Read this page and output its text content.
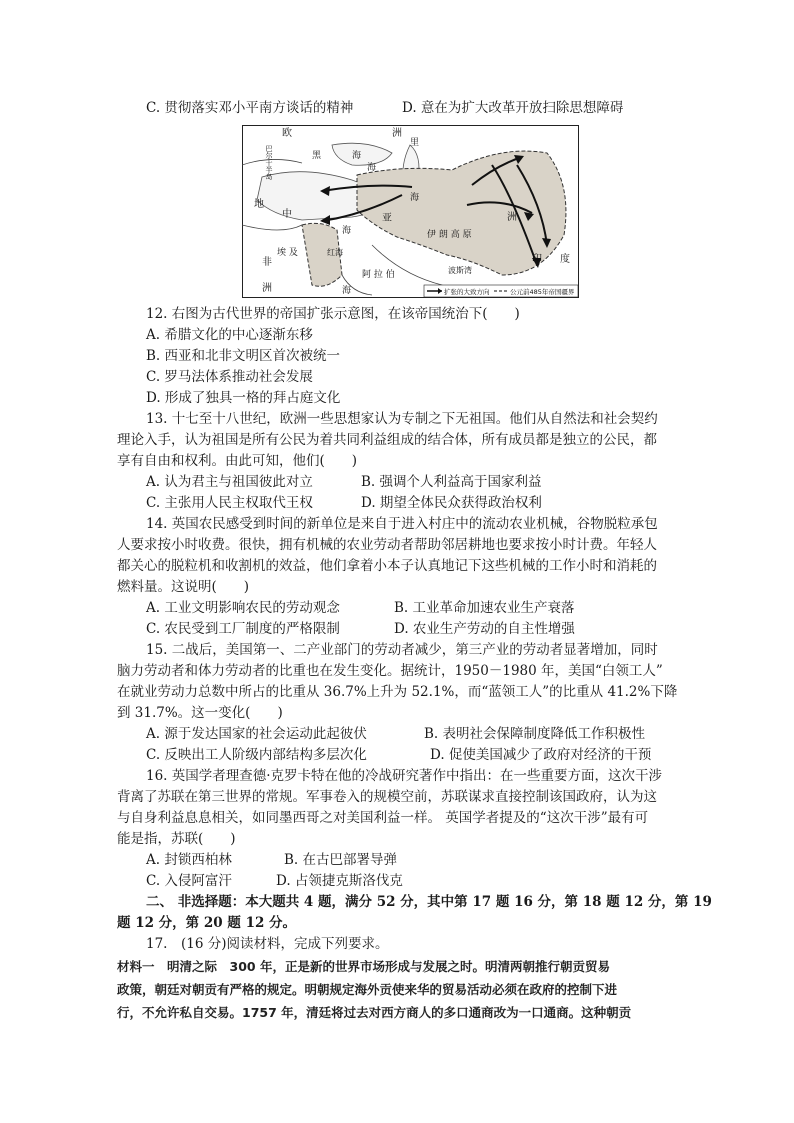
C. 贯彻落实邓小平南方谈话的精神	D. 意在为扩大改革开放扫除思想障碍
欧	洲
黑	海
里
海
海
地
中
海
亚
伊 朗 高 原
洲
埃 及
非
洲
阿 拉 伯	波斯湾
印 度
海
红海
巴尔干半岛
扩张的大致方向	公元前485年帝国疆界
12. 右图为古代世界的帝国扩张示意图，在该帝国统治下(　　)
A. 希腊文化的中心逐渐东移
B. 西亚和北非文明区首次被统一
C. 罗马法体系推动社会发展
D. 形成了独具一格的拜占庭文化
13. 十七至十八世纪，欧洲一些思想家认为专制之下无祖国。他们从自然法和社会契约
理论入手，认为祖国是所有公民为着共同利益组成的结合体，所有成员都是独立的公民，都
享有自由和权利。由此可知，他们(　　)
A. 认为君主与祖国彼此对立	B. 强调个人利益高于国家利益
C. 主张用人民主权取代王权	D. 期望全体民众获得政治权利
14. 英国农民感受到时间的新单位是来自于进入村庄中的流动农业机械，谷物脱粒承包
人要求按小时收费。很快，拥有机械的农业劳动者帮助邻居耕地也要求按小时计费。年轻人
都关心的脱粒机和收割机的效益，他们拿着小本子认真地记下这些机械的工作小时和消耗的
燃料量。这说明(　　)
A. 工业文明影响农民的劳动观念	B. 工业革命加速农业生产衰落
C. 农民受到工厂制度的严格限制	D. 农业生产劳动的自主性增强
15. 二战后，美国第一、二产业部门的劳动者减少，第三产业的劳动者显著增加，同时
脑力劳动者和体力劳动者的比重也在发生变化。据统计，1950－1980 年，美国“白领工人”
在就业劳动力总数中所占的比重从 36.7%上升为 52.1%，而“蓝领工人”的比重从 41.2%下降
到 31.7%。这一变化(　　)
A. 源于发达国家的社会运动此起彼伏	B. 表明社会保障制度降低工作积极性
C. 反映出工人阶级内部结构多层次化	D. 促使美国减少了政府对经济的干预
16. 英国学者理查德·克罗卡特在他的冷战研究著作中指出：在一些重要方面，这次干涉
背离了苏联在第三世界的常规。军事卷入的规模空前，苏联谋求直接控制该国政府，认为这
与自身利益息息相关，如同墨西哥之对美国利益一样。 英国学者提及的“这次干涉”最有可
能是指，苏联(　　)
A. 封锁西柏林	B. 在古巴部署导弹
C. 入侵阿富汗	D. 占领捷克斯洛伐克
二、 非选择题：本大题共 4 题，满分 52 分，其中第 17 题 16 分，第 18 题 12 分，第 19
题 12 分，第 20 题 12 分。
17.　(16 分)阅读材料，完成下列要求。
材料一　明清之际　300 年，正是新的世界市场形成与发展之时。明清两朝推行朝贡贸易
政策，朝廷对朝贡有严格的规定。明朝规定海外贡使来华的贸易活动必须在政府的控制下进
行，不允许私自交易。1757 年，清廷将过去对西方商人的多口通商改为一口通商。这种朝贡
